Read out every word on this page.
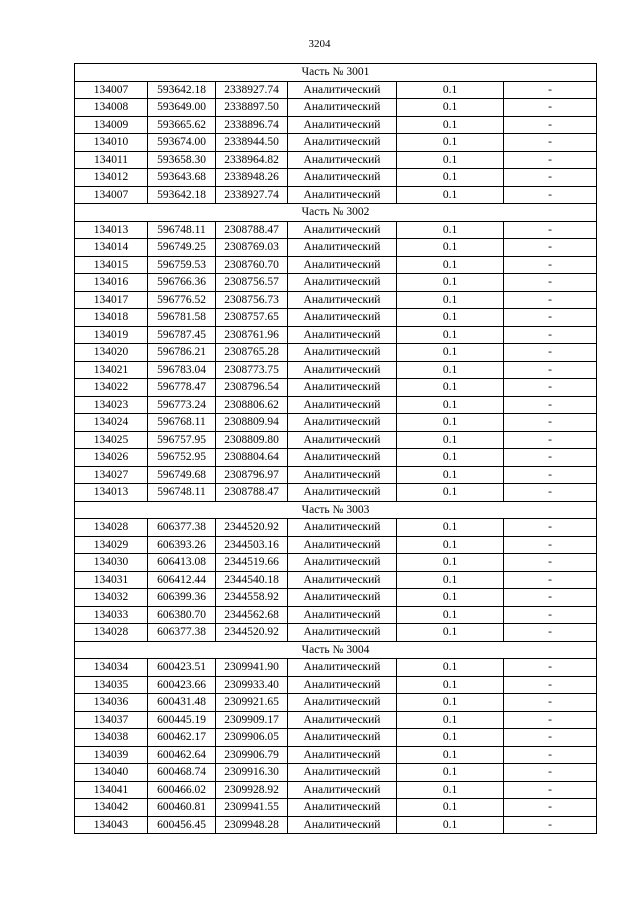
3204
Часть № 3001					
134007	593642.18	2338927.74	Аналитический	0.1	-
134008	593649.00	2338897.50	Аналитический	0.1	-
134009	593665.62	2338896.74	Аналитический	0.1	-
134010	593674.00	2338944.50	Аналитический	0.1	-
134011	593658.30	2338964.82	Аналитический	0.1	-
134012	593643.68	2338948.26	Аналитический	0.1	-
134007	593642.18	2338927.74	Аналитический	0.1	-
Часть № 3002					
134013	596748.11	2308788.47	Аналитический	0.1	-
134014	596749.25	2308769.03	Аналитический	0.1	-
134015	596759.53	2308760.70	Аналитический	0.1	-
134016	596766.36	2308756.57	Аналитический	0.1	-
134017	596776.52	2308756.73	Аналитический	0.1	-
134018	596781.58	2308757.65	Аналитический	0.1	-
134019	596787.45	2308761.96	Аналитический	0.1	-
134020	596786.21	2308765.28	Аналитический	0.1	-
134021	596783.04	2308773.75	Аналитический	0.1	-
134022	596778.47	2308796.54	Аналитический	0.1	-
134023	596773.24	2308806.62	Аналитический	0.1	-
134024	596768.11	2308809.94	Аналитический	0.1	-
134025	596757.95	2308809.80	Аналитический	0.1	-
134026	596752.95	2308804.64	Аналитический	0.1	-
134027	596749.68	2308796.97	Аналитический	0.1	-
134013	596748.11	2308788.47	Аналитический	0.1	-
Часть № 3003					
134028	606377.38	2344520.92	Аналитический	0.1	-
134029	606393.26	2344503.16	Аналитический	0.1	-
134030	606413.08	2344519.66	Аналитический	0.1	-
134031	606412.44	2344540.18	Аналитический	0.1	-
134032	606399.36	2344558.92	Аналитический	0.1	-
134033	606380.70	2344562.68	Аналитический	0.1	-
134028	606377.38	2344520.92	Аналитический	0.1	-
Часть № 3004					
134034	600423.51	2309941.90	Аналитический	0.1	-
134035	600423.66	2309933.40	Аналитический	0.1	-
134036	600431.48	2309921.65	Аналитический	0.1	-
134037	600445.19	2309909.17	Аналитический	0.1	-
134038	600462.17	2309906.05	Аналитический	0.1	-
134039	600462.64	2309906.79	Аналитический	0.1	-
134040	600468.74	2309916.30	Аналитический	0.1	-
134041	600466.02	2309928.92	Аналитический	0.1	-
134042	600460.81	2309941.55	Аналитический	0.1	-
134043	600456.45	2309948.28	Аналитический	0.1	-
